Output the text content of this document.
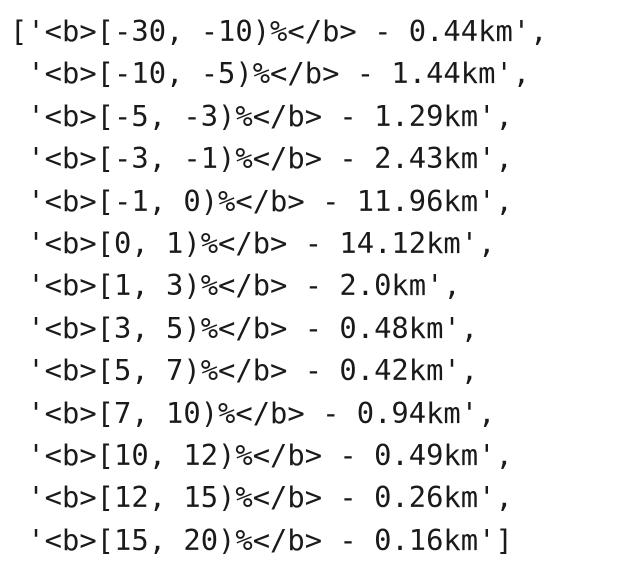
['<b>[-30, -10)%</b> - 0.44km',
'<b>[-10, -5)%</b> - 1.44km',
'<b>[-5, -3)%</b> - 1.29km',
'<b>[-3, -1)%</b> - 2.43km',
'<b>[-1, 0)%</b> - 11.96km',
'<b>[0, 1)%</b> - 14.12km',
'<b>[1, 3)%</b> - 2.0km',
'<b>[3, 5)%</b> - 0.48km',
'<b>[5, 7)%</b> - 0.42km',
'<b>[7, 10)%</b> - 0.94km',
'<b>[10, 12)%</b> - 0.49km',
'<b>[12, 15)%</b> - 0.26km',
'<b>[15, 20)%</b> - 0.16km']
